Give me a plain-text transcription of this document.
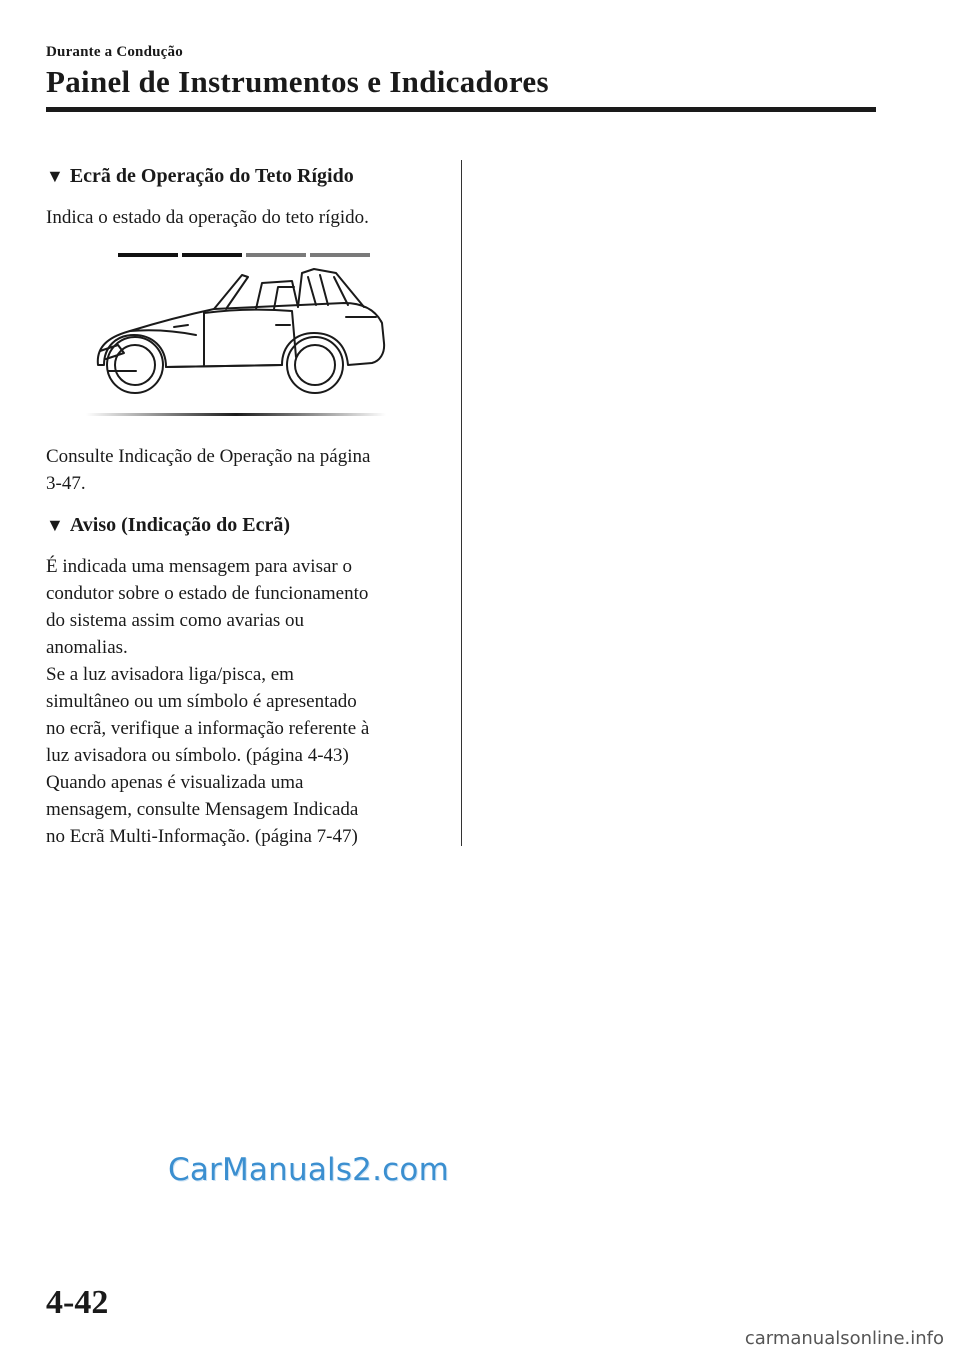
Durante a Condução
Painel de Instrumentos e Indicadores
▼ Ecrã de Operação do Teto Rígido

Indica o estado da operação do teto rígido.

Consulte Indicação de Operação na página
3-47.

▼ Aviso (Indicação do Ecrã)

É indicada uma mensagem para avisar o
condutor sobre o estado de funcionamento
do sistema assim como avarias ou
anomalias.
Se a luz avisadora liga/pisca, em
simultâneo ou um símbolo é apresentado
no ecrã, verifique a informação referente à
luz avisadora ou símbolo. (página 4-43)
Quando apenas é visualizada uma
mensagem, consulte Mensagem Indicada
no Ecrã Multi-Informação. (página 7-47)

CarManuals2.com
4-42
carmanualsonline.info
